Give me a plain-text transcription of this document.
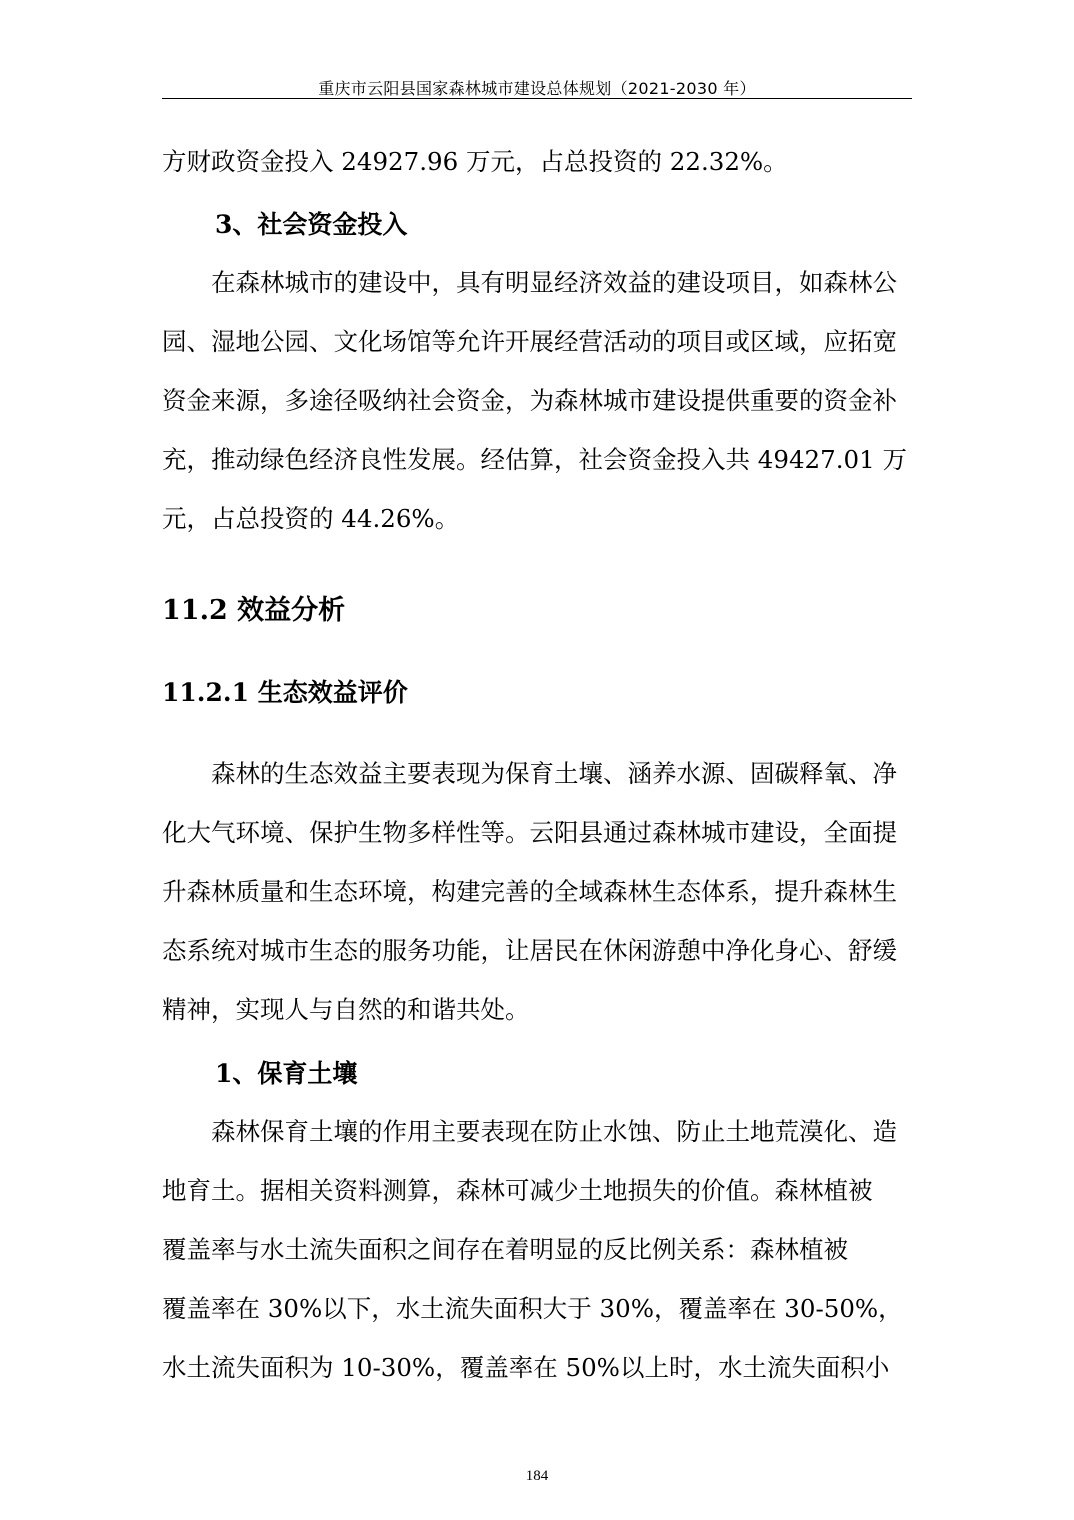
重庆市云阳县国家森林城市建设总体规划（2021-2030 年）
方财政资金投入 24927.96 万元，占总投资的 22.32%。
3、社会资金投入
　　在森林城市的建设中，具有明显经济效益的建设项目，如森林公
园、湿地公园、文化场馆等允许开展经营活动的项目或区域，应拓宽
资金来源，多途径吸纳社会资金，为森林城市建设提供重要的资金补
充，推动绿色经济良性发展。经估算，社会资金投入共 49427.01 万
元，占总投资的 44.26%。
11.2 效益分析
11.2.1 生态效益评价
　　森林的生态效益主要表现为保育土壤、涵养水源、固碳释氧、净
化大气环境、保护生物多样性等。云阳县通过森林城市建设，全面提
升森林质量和生态环境，构建完善的全域森林生态体系，提升森林生
态系统对城市生态的服务功能，让居民在休闲游憩中净化身心、舒缓
精神，实现人与自然的和谐共处。
1、保育土壤
　　森林保育土壤的作用主要表现在防止水蚀、防止土地荒漠化、造
地育土。据相关资料测算，森林可减少土地损失的价值。森林植被
覆盖率与水土流失面积之间存在着明显的反比例关系：森林植被
覆盖率在 30%以下，水土流失面积大于 30%，覆盖率在 30-50%，
水土流失面积为 10-30%，覆盖率在 50%以上时，水土流失面积小
184
